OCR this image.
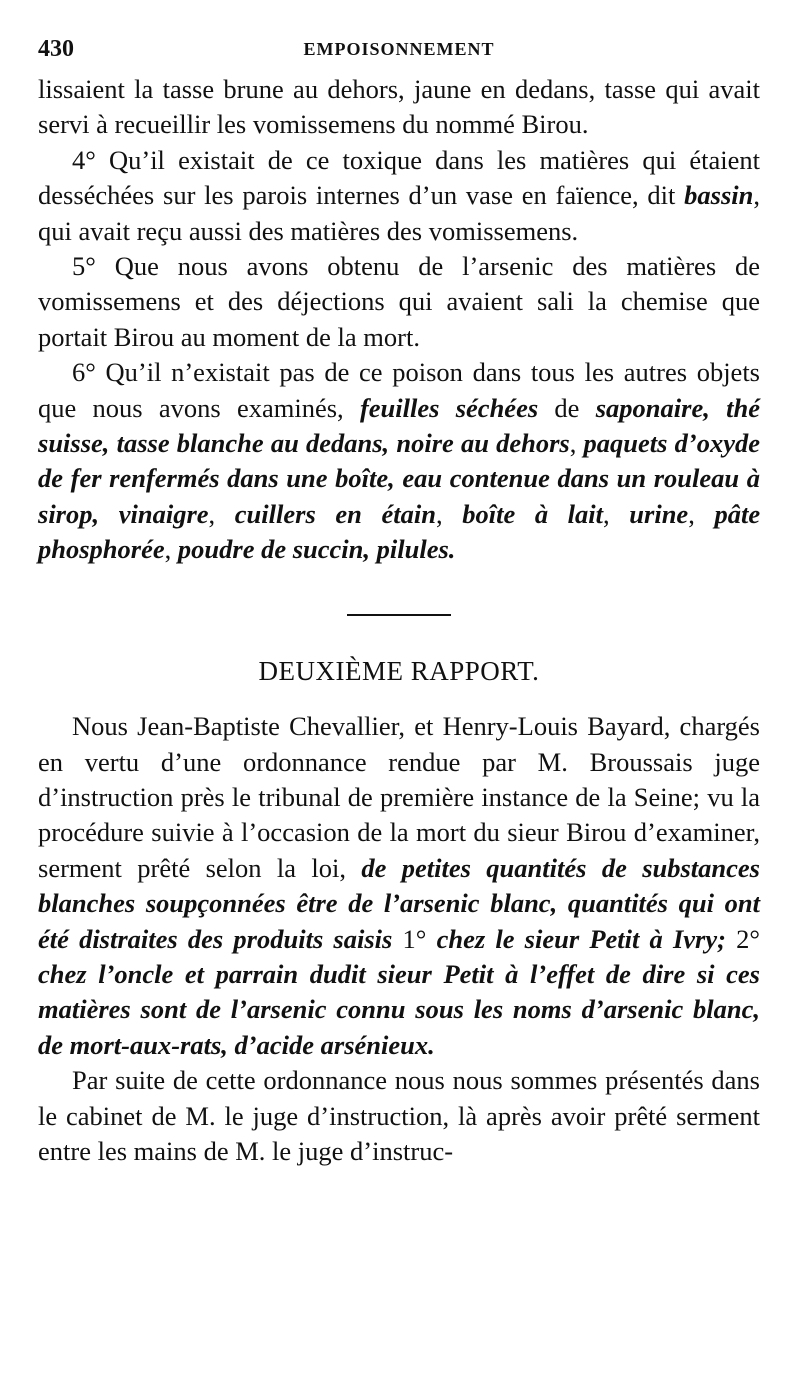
430	EMPOISONNEMENT

lissaient la tasse brune au dehors, jaune en dedans, tasse qui avait servi à recueillir les vomissemens du nommé Birou.

4° Qu’il existait de ce toxique dans les matières qui étaient desséchées sur les parois internes d’un vase en faïence, dit bassin, qui avait reçu aussi des matières des vomissemens.

5° Que nous avons obtenu de l’arsenic des matières de vomissemens et des déjections qui avaient sali la chemise que portait Birou au moment de la mort.

6° Qu’il n’existait pas de ce poison dans tous les autres objets que nous avons examinés, feuilles séchées de saponaire, thé suisse, tasse blanche au dedans, noire au dehors, paquets d’oxyde de fer renfermés dans une boîte, eau contenue dans un rouleau à sirop, vinaigre, cuillers en étain, boîte à lait, urine, pâte phosphorée, poudre de succin, pilules.

DEUXIÈME RAPPORT.

Nous Jean-Baptiste Chevallier, et Henry-Louis Bayard, chargés en vertu d’une ordonnance rendue par M. Broussais juge d’instruction près le tribunal de première instance de la Seine; vu la procédure suivie à l’occasion de la mort du sieur Birou d’examiner, serment prêté selon la loi, de petites quantités de substances blanches soupçonnées être de l’arsenic blanc, quantités qui ont été distraites des produits saisis 1° chez le sieur Petit à Ivry; 2° chez l’oncle et parrain dudit sieur Petit à l’effet de dire si ces matières sont de l’arsenic connu sous les noms d’arsenic blanc, de mort-aux-rats, d’acide arsénieux.

Par suite de cette ordonnance nous nous sommes présentés dans le cabinet de M. le juge d’instruction, là après avoir prêté serment entre les mains de M. le juge d’instruc-
